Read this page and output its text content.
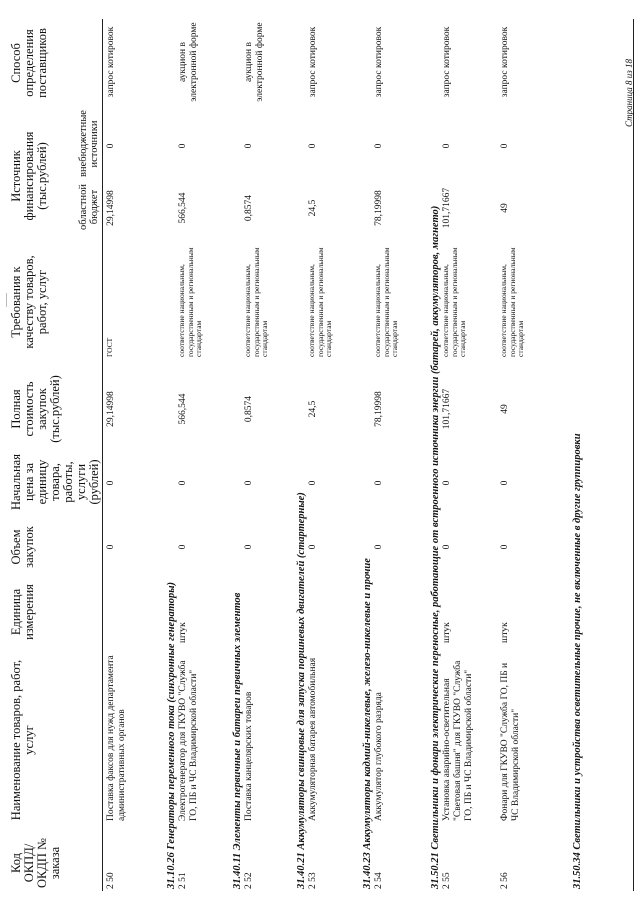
Код ОКПД/ ОКДП № заказа
Наименование товаров, работ, услуг
Единица измерения
Объем закупок
Начальная цена за единицу товара, работы, услуги (рублей)
Полная стоимость закупок (тыс.рублей)
Требования к качеству товаров, работ, услуг
Источник финансирования (тыс.рублей)	областной бюджет
внебюджетные источники
Способ определения поставщиков
2 50
Поставка факсов для нужд департамента административных органов
0
0
29,14998
ГОСТ
29,14998
0
запрос котировок
31.10.26 Генераторы переменного тока (синхронные генераторы) 2 51
Электрогенератор для ГКУВО "Служба ГО, ПБ и ЧС Владимирской области"
штук
0
0
566,544
соответствие национальным, государственным и региональным стандартам
566,544
0
аукцион в электронной форме
31.40.11 Элементы первичные и батареи первичных элементов 2 52
Поставка канцелярских товаров
0
0
0,8574
соответствие национальным, государственным и региональным стандартам
0,8574
0
аукцион в электронной форме
31.40.21 Аккумуляторы свинцовые для запуска поршневых двигателей (стартерные) 2 53
Аккумуляторная батарея автомобильная
0
0
24,5
соответствие национальным, государственным и региональным стандартам
24,5
0
запрос котировок
31.40.23 Аккумуляторы кадмий-никелевые, железо-никелевые и прочие 2 54
Аккумулятор глубокого разряда
0
0
78,19998
соответствие национальным, государственным и региональным стандартам
78,19998
0
запрос котировок
31.50.21 Светильники и фонари электрические переносные, работающие от встроенного источника энергии (батарей, аккумуляторов, магнето) 2 55
Установка аварийно-осветительная "Световая башня" для ГКУВО "Служба ГО, ПБ и ЧС Владимирской области"
штук
0
0
101,71667
соответствие национальным, государственным и региональным стандартам
101,71667
0
запрос котировок
2 56
Фонари для ГКУВО "Служба ГО, ПБ и ЧС Владимирской области"
штук
0
0
49
соответствие национальным, государственным и региональным стандартам
49
0
запрос котировок
31.50.34 Светильники и устройства осветительные прочие, не включенные в другие группировки
Страница 8 из 18
